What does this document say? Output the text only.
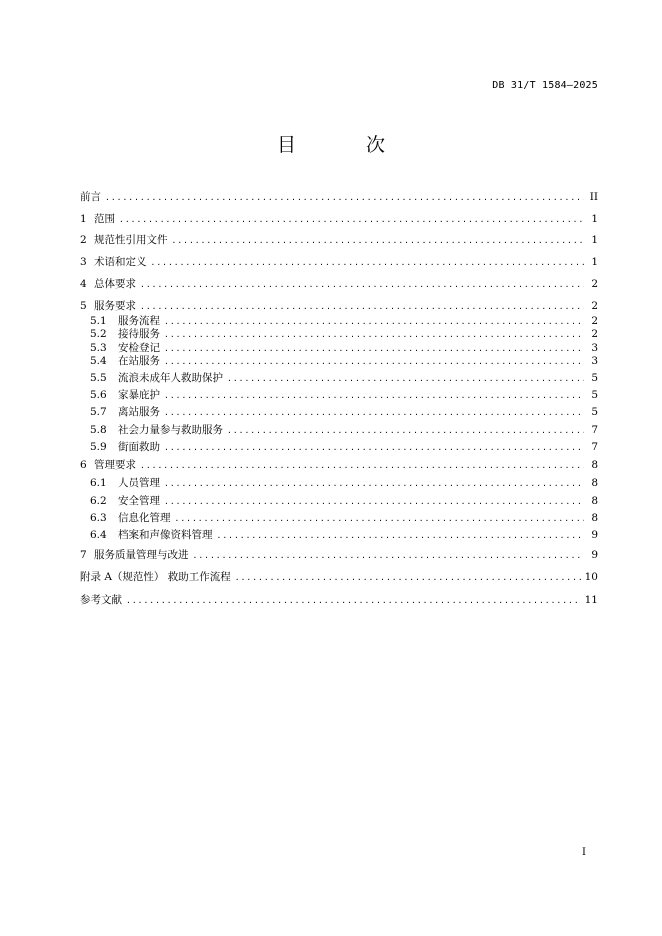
DB 31/T 1584—2025
目 次
前言 .....	II
1 范围 .....	1
2 规范性引用文件 .....	1
3 术语和定义 .....	1
4 总体要求 .....	2
5 服务要求 .....	2
5.1	服务流程 .....	2
5.2	接待服务 .....	2
5.3	安检登记 .....	3
5.4	在站服务 .....	3
5.5	流浪未成年人救助保护 .....	5
5.6	家暴庇护 .....	5
5.7	离站服务 .....	5
5.8	社会力量参与救助服务 .....	7
5.9	街面救助 .....	7
6 管理要求 .....	8
6.1	人员管理 .....	8
6.2	安全管理 .....	8
6.3	信息化管理 .....	8
6.4	档案和声像资料管理 .....	9
7 服务质量管理与改进 .....	9
附录 A（规范性） 救助工作流程 .....	10
参考文献 .....	11
I
